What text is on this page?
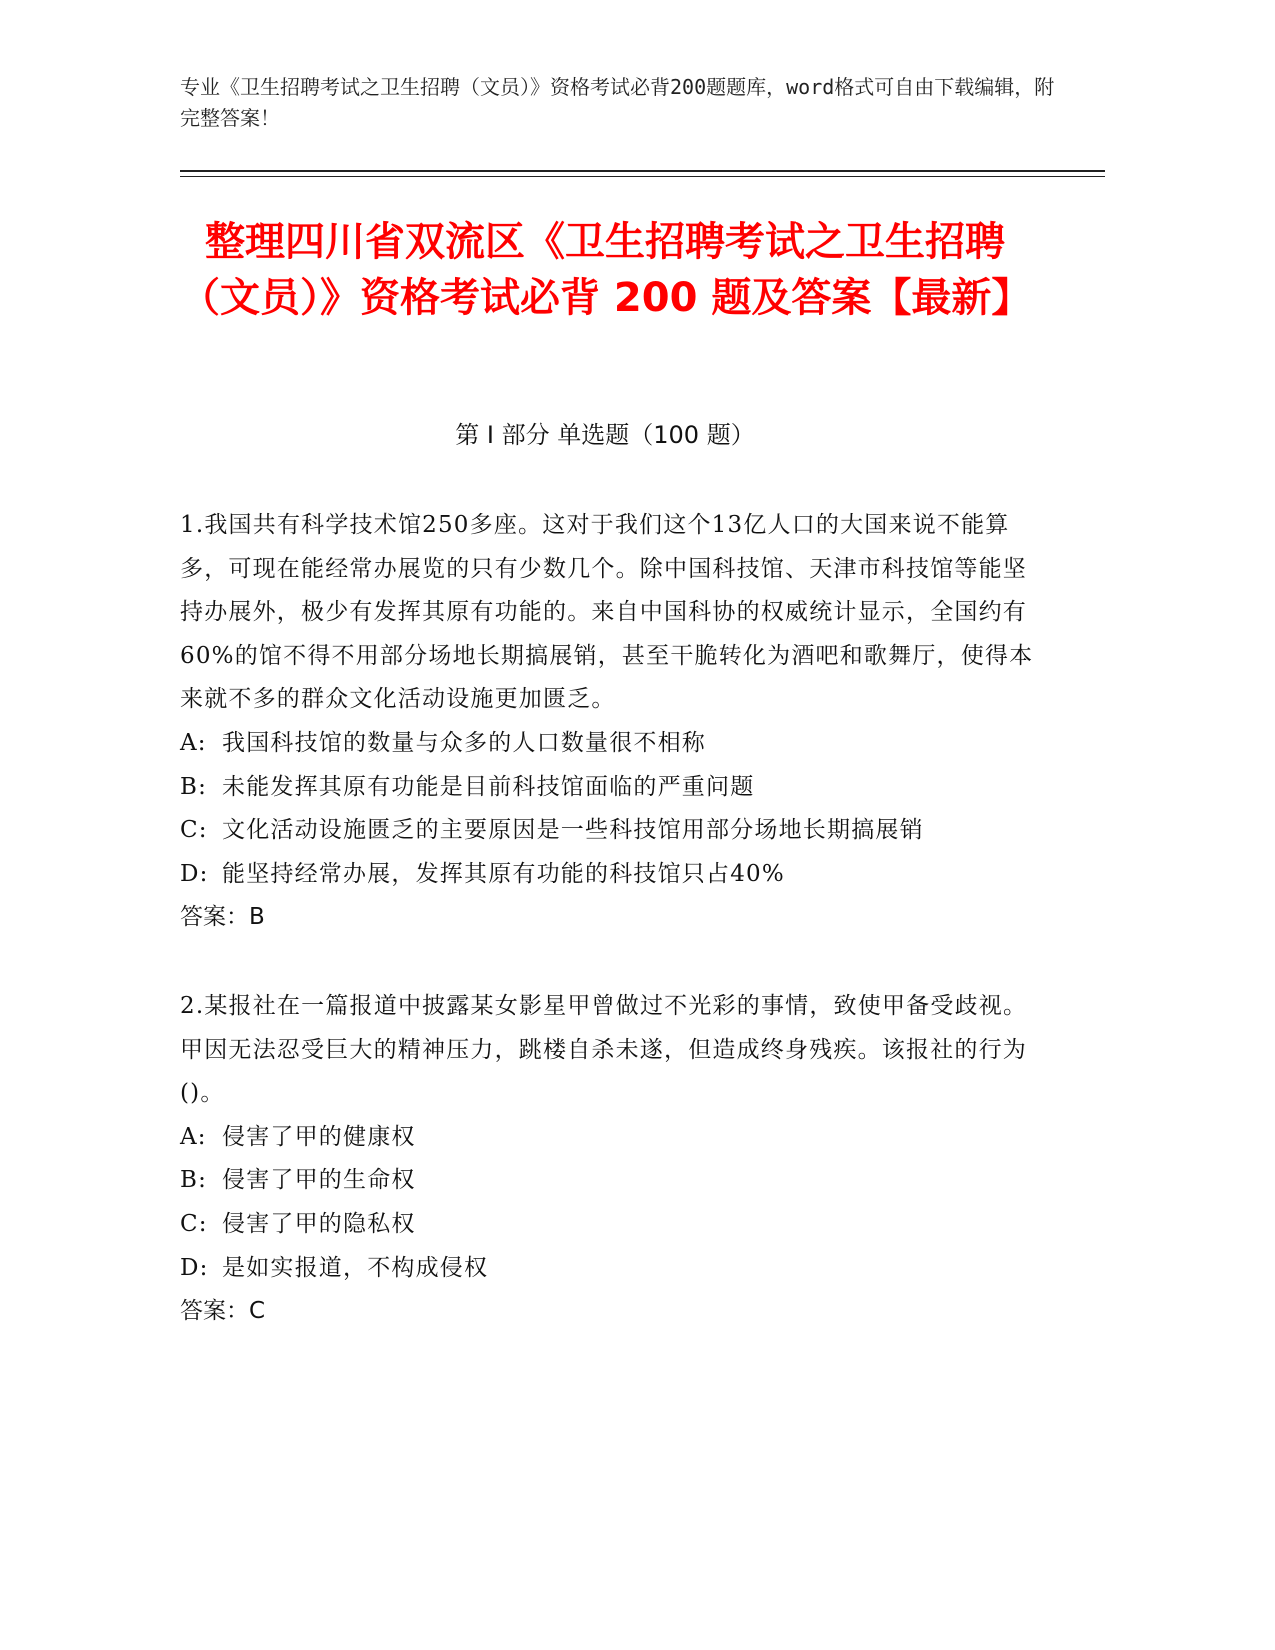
专业《卫生招聘考试之卫生招聘（文员）》资格考试必背200题题库，word格式可自由下载编辑，附完整答案！
整理四川省双流区《卫生招聘考试之卫生招聘（文员）》资格考试必背 200 题及答案【最新】
第 I 部分 单选题（100 题）
1.我国共有科学技术馆250多座。这对于我们这个13亿人口的大国来说不能算多，可现在能经常办展览的只有少数几个。除中国科技馆、天津市科技馆等能坚持办展外，极少有发挥其原有功能的。来自中国科协的权威统计显示，全国约有60%的馆不得不用部分场地长期搞展销，甚至干脆转化为酒吧和歌舞厅，使得本来就不多的群众文化活动设施更加匮乏。
A: 我国科技馆的数量与众多的人口数量很不相称
B: 未能发挥其原有功能是目前科技馆面临的严重问题
C: 文化活动设施匮乏的主要原因是一些科技馆用部分场地长期搞展销
D: 能坚持经常办展，发挥其原有功能的科技馆只占40%
答案：B
2.某报社在一篇报道中披露某女影星甲曾做过不光彩的事情，致使甲备受歧视。甲因无法忍受巨大的精神压力，跳楼自杀未遂，但造成终身残疾。该报社的行为()。
A: 侵害了甲的健康权
B: 侵害了甲的生命权
C: 侵害了甲的隐私权
D: 是如实报道，不构成侵权
答案：C
